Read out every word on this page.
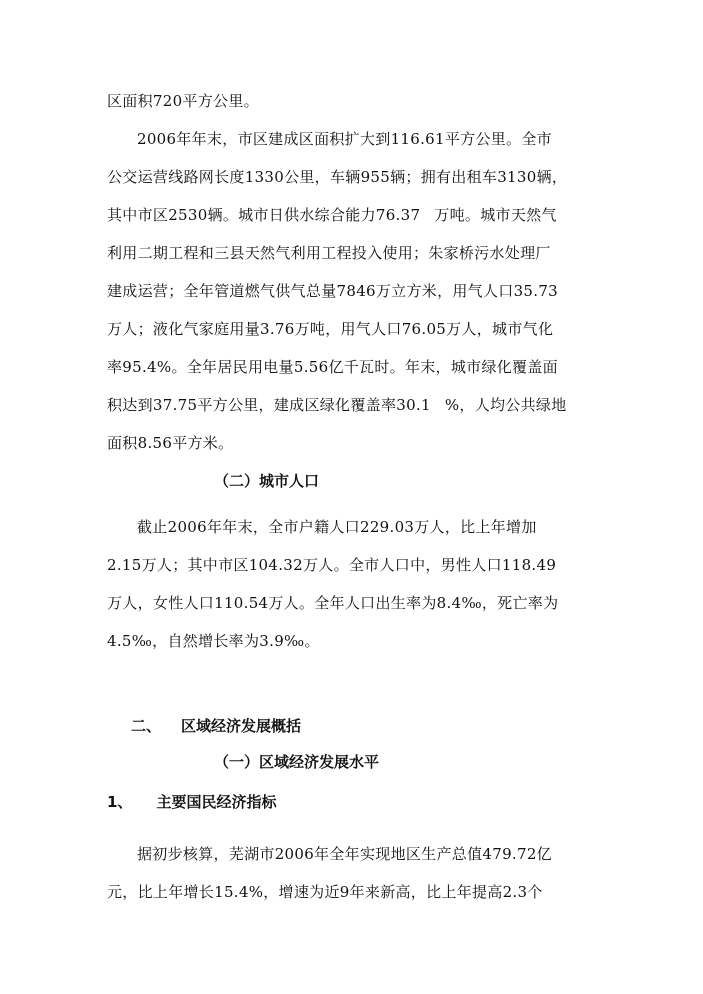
区面积720平方公里。
2006年年末，市区建成区面积扩大到116.61平方公里。全市
公交运营线路网长度1330公里，车辆955辆；拥有出租车3130辆，
其中市区2530辆。城市日供水综合能力76.37 万吨。城市天然气
利用二期工程和三县天然气利用工程投入使用；朱家桥污水处理厂
建成运营；全年管道燃气供气总量7846万立方米，用气人口35.73
万人；液化气家庭用量3.76万吨，用气人口76.05万人，城市气化
率95.4%。全年居民用电量5.56亿千瓦时。年末，城市绿化覆盖面
积达到37.75平方公里，建成区绿化覆盖率30.1 %，人均公共绿地
面积8.56平方米。
（二）城市人口
截止2006年年末，全市户籍人口229.03万人，比上年增加
2.15万人；其中市区104.32万人。全市人口中，男性人口118.49
万人，女性人口110.54万人。全年人口出生率为8.4‰，死亡率为
4.5‰，自然增长率为3.9‰。
二、 区域经济发展概括
（一）区域经济发展水平
1、 主要国民经济指标
据初步核算，芜湖市2006年全年实现地区生产总值479.72亿
元，比上年增长15.4%，增速为近9年来新高，比上年提高2.3个
